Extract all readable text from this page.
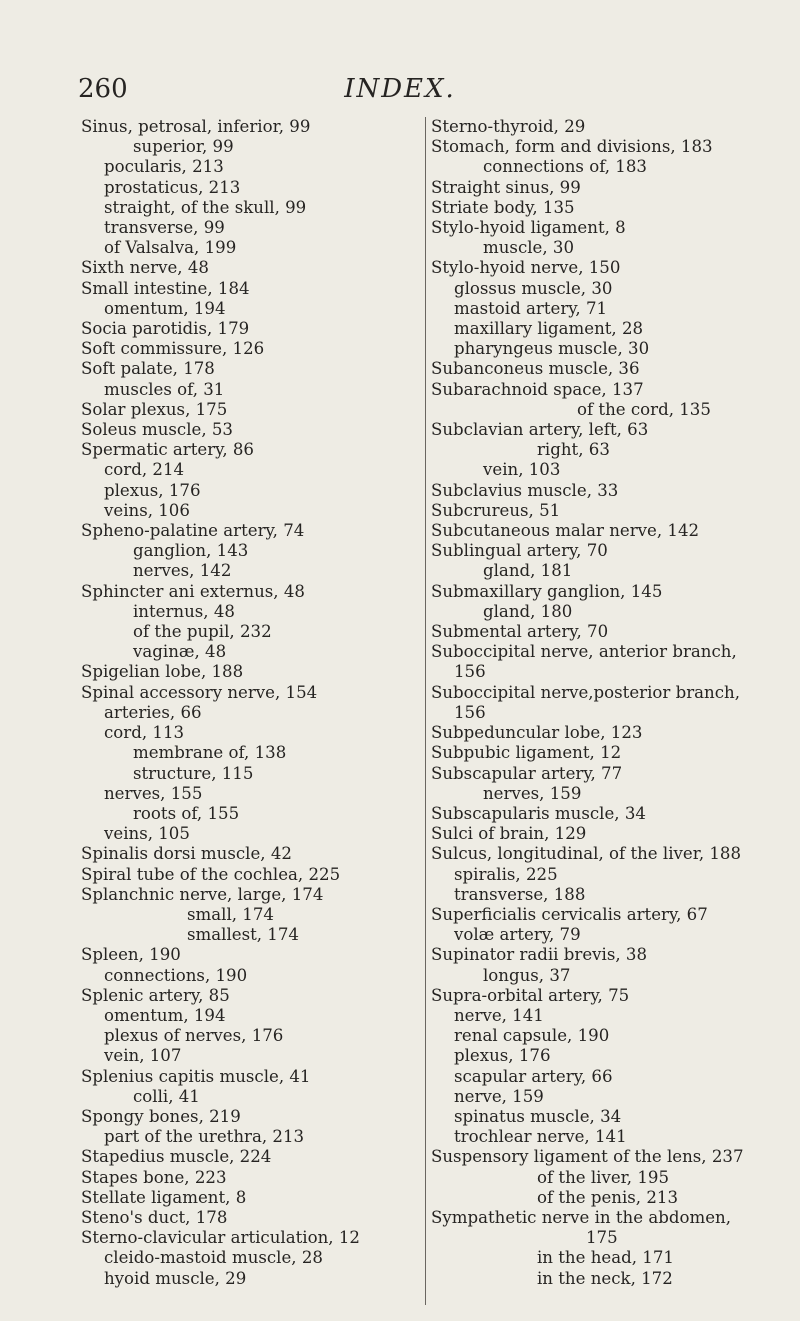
260	INDEX.
Sinus, petrosal, inferior, 99
superior, 99
pocularis, 213
prostaticus, 213
straight, of the skull, 99
transverse, 99
of Valsalva, 199
Sixth nerve, 48
Small intestine, 184
omentum, 194
Socia parotidis, 179
Soft commissure, 126
Soft palate, 178
muscles of, 31
Solar plexus, 175
Soleus muscle, 53
Spermatic artery, 86
cord, 214
plexus, 176
veins, 106
Spheno-palatine artery, 74
ganglion, 143
nerves, 142
Sphincter ani externus, 48
internus, 48
of the pupil, 232
vaginæ, 48
Spigelian lobe, 188
Spinal accessory nerve, 154
arteries, 66
cord, 113
membrane of, 138
structure, 115
nerves, 155
roots of, 155
veins, 105
Spinalis dorsi muscle, 42
Spiral tube of the cochlea, 225
Splanchnic nerve, large, 174
small, 174
smallest, 174
Spleen, 190
connections, 190
Splenic artery, 85
omentum, 194
plexus of nerves, 176
vein, 107
Splenius capitis muscle, 41
colli, 41
Spongy bones, 219
part of the urethra, 213
Stapedius muscle, 224
Stapes bone, 223
Stellate ligament, 8
Steno's duct, 178
Sterno-clavicular articulation, 12
cleido-mastoid muscle, 28
hyoid muscle, 29
Sterno-thyroid, 29
Stomach, form and divisions, 183
connections of, 183
Straight sinus, 99
Striate body, 135
Stylo-hyoid ligament, 8
muscle, 30
Stylo-hyoid nerve, 150
glossus muscle, 30
mastoid artery, 71
maxillary ligament, 28
pharyngeus muscle, 30
Subanconeus muscle, 36
Subarachnoid space, 137
of the cord, 135
Subclavian artery, left, 63
right, 63
vein, 103
Subclavius muscle, 33
Subcrureus, 51
Subcutaneous malar nerve, 142
Sublingual artery, 70
gland, 181
Submaxillary ganglion, 145
gland, 180
Submental artery, 70
Suboccipital nerve, anterior branch, 156
Suboccipital nerve,posterior branch, 156
Subpeduncular lobe, 123
Subpubic ligament, 12
Subscapular artery, 77
nerves, 159
Subscapularis muscle, 34
Sulci of brain, 129
Sulcus, longitudinal, of the liver, 188
spiralis, 225
transverse, 188
Superficialis cervicalis artery, 67
volæ artery, 79
Supinator radii brevis, 38
longus, 37
Supra-orbital artery, 75
nerve, 141
renal capsule, 190
plexus, 176
scapular artery, 66
nerve, 159
spinatus muscle, 34
trochlear nerve, 141
Suspensory ligament of the lens, 237
of the liver, 195
of the penis, 213
Sympathetic nerve in the abdomen,
175
in the head, 171
in the neck, 172
